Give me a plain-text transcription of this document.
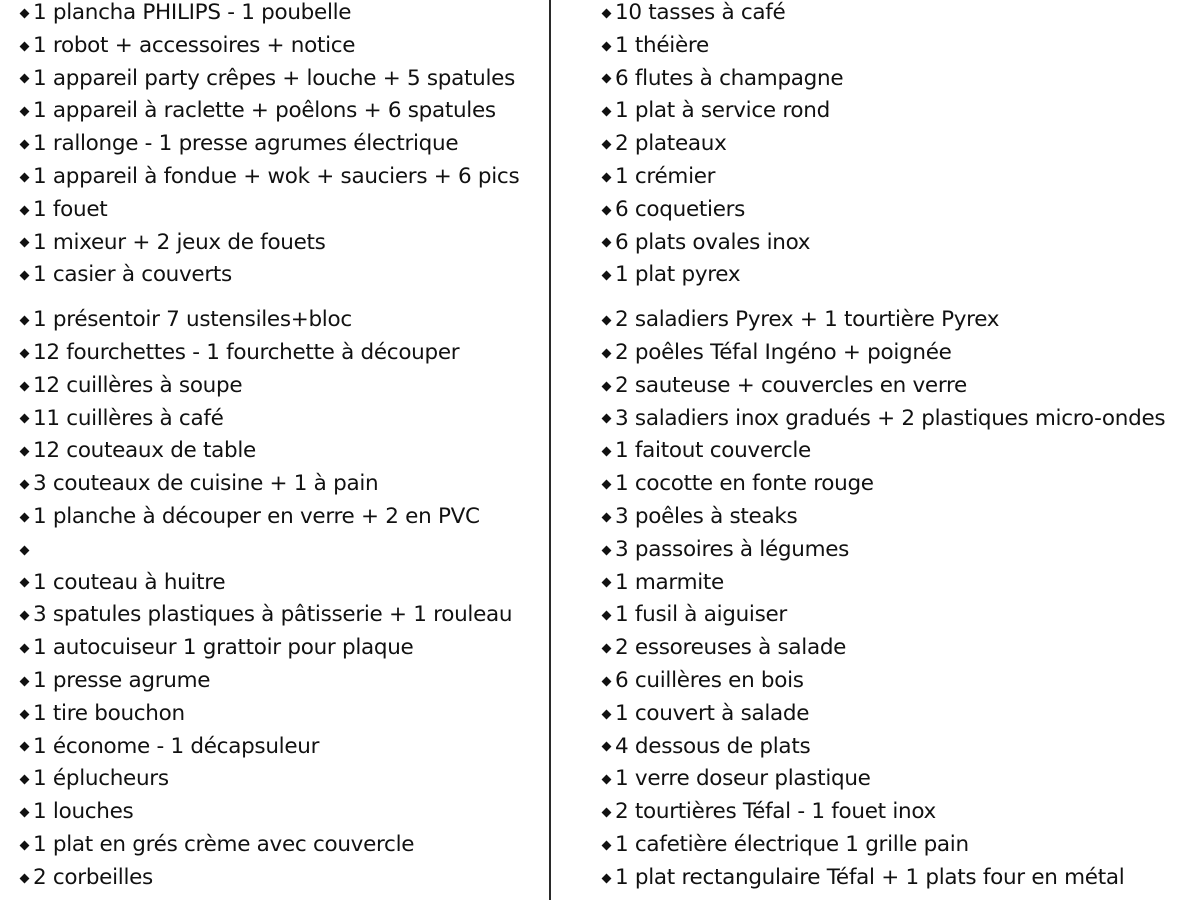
1 plancha PHILIPS - 1 poubelle
1 robot + accessoires + notice
1 appareil party crêpes + louche + 5 spatules
1 appareil à raclette + poêlons + 6 spatules
1 rallonge - 1 presse agrumes électrique
1 appareil à fondue + wok + sauciers + 6 pics
1 fouet
1 mixeur + 2 jeux de fouets
1 casier à couverts
1 présentoir 7 ustensiles+bloc
12 fourchettes - 1 fourchette à découper
12 cuillères à soupe
11 cuillères à café
12 couteaux de table
3 couteaux de cuisine + 1 à pain
1 planche à découper en verre + 2 en PVC
1 couteau à huitre
3 spatules plastiques à pâtisserie + 1 rouleau
1 autocuiseur 1 grattoir pour plaque
1 presse agrume
1 tire bouchon
1 économe - 1 décapsuleur
1 éplucheurs
1 louches
1 plat en grés crème avec couvercle
2 corbeilles
10 tasses à café
1 théière
6 flutes à champagne
1 plat à service rond
2 plateaux
1 crémier
6 coquetiers
6 plats ovales inox
1 plat pyrex
2 saladiers Pyrex + 1 tourtière Pyrex
2 poêles Téfal Ingéno + poignée
2 sauteuse + couvercles en verre
3 saladiers inox gradués + 2 plastiques micro-ondes
1 faitout couvercle
1 cocotte en fonte rouge
3 poêles à steaks
3 passoires à légumes
1 marmite
1 fusil à aiguiser
2 essoreuses à salade
6 cuillères en bois
1 couvert à salade
4 dessous de plats
1 verre doseur plastique
2 tourtières Téfal - 1 fouet inox
1 cafetière électrique 1 grille pain
1 plat rectangulaire Téfal + 1 plats four en métal
